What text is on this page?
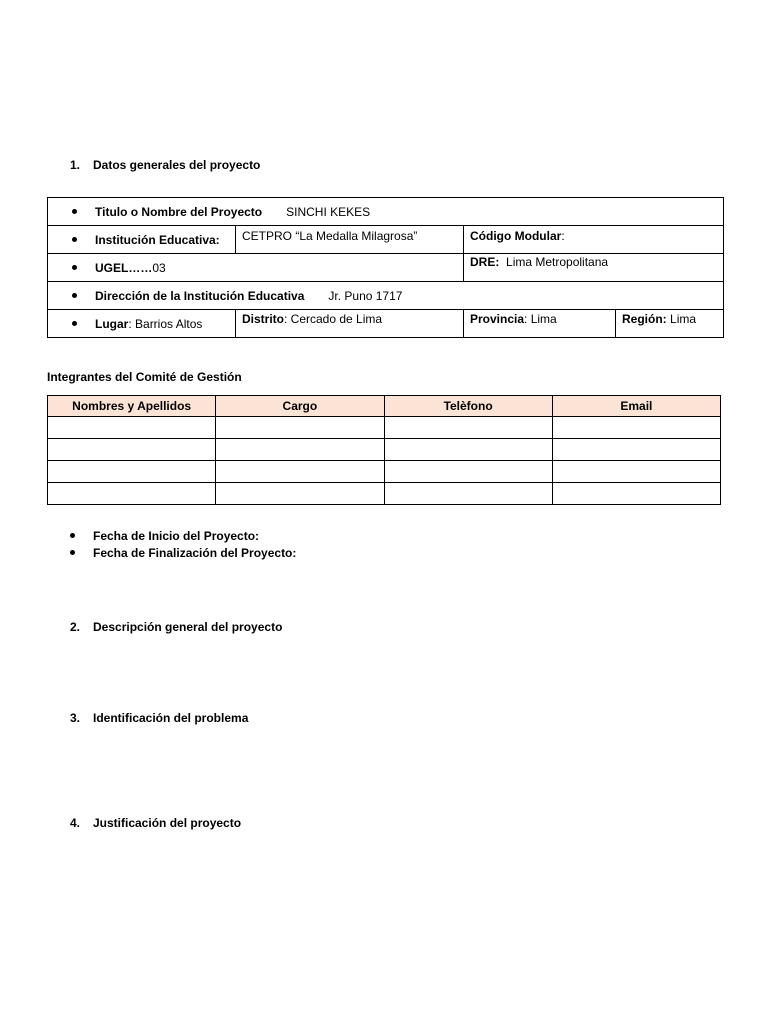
1. Datos generales del proyecto
Titulo o Nombre del Proyecto SINCHI KEKES			
Institución Educativa:	CETPRO “La Medalla Milagrosa”	Código Modular:	
UGEL……03		DRE: Lima Metropolitana	
Dirección de la Institución Educativa Jr. Puno 1717			
Lugar: Barrios Altos	Distrito: Cercado de Lima	Provincia: Lima	Región: Lima
Integrantes del Comité de Gestión
Nombres y Apellidos	Cargo	Telèfono	Email

Fecha de Inicio del Proyecto:
Fecha de Finalización del Proyecto:
2. Descripción general del proyecto
3. Identificación del problema
4. Justificación del proyecto
